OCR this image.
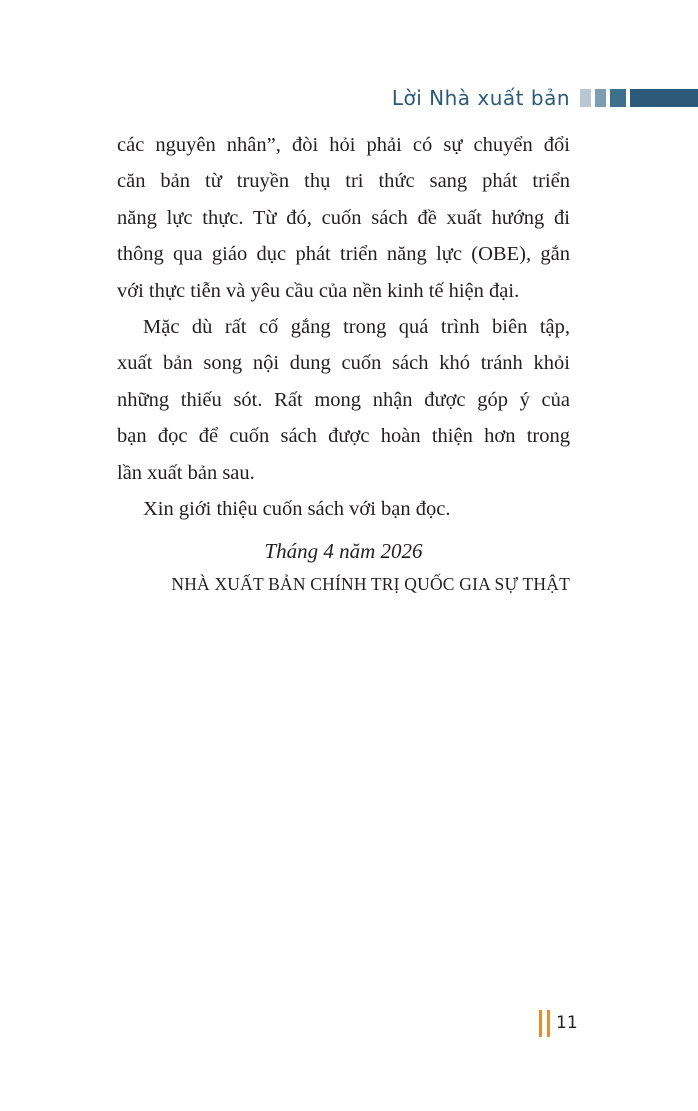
Lời Nhà xuất bản

các nguyên nhân”, đòi hỏi phải có sự chuyển đổi
căn bản từ truyền thụ tri thức sang phát triển
năng lực thực. Từ đó, cuốn sách đề xuất hướng đi
thông qua giáo dục phát triển năng lực (OBE), gắn
với thực tiễn và yêu cầu của nền kinh tế hiện đại.

Mặc dù rất cố gắng trong quá trình biên tập,
xuất bản song nội dung cuốn sách khó tránh khỏi
những thiếu sót. Rất mong nhận được góp ý của
bạn đọc để cuốn sách được hoàn thiện hơn trong
lần xuất bản sau.

Xin giới thiệu cuốn sách với bạn đọc.

Tháng 4 năm 2026
NHÀ XUẤT BẢN CHÍNH TRỊ QUỐC GIA SỰ THẬT
11
